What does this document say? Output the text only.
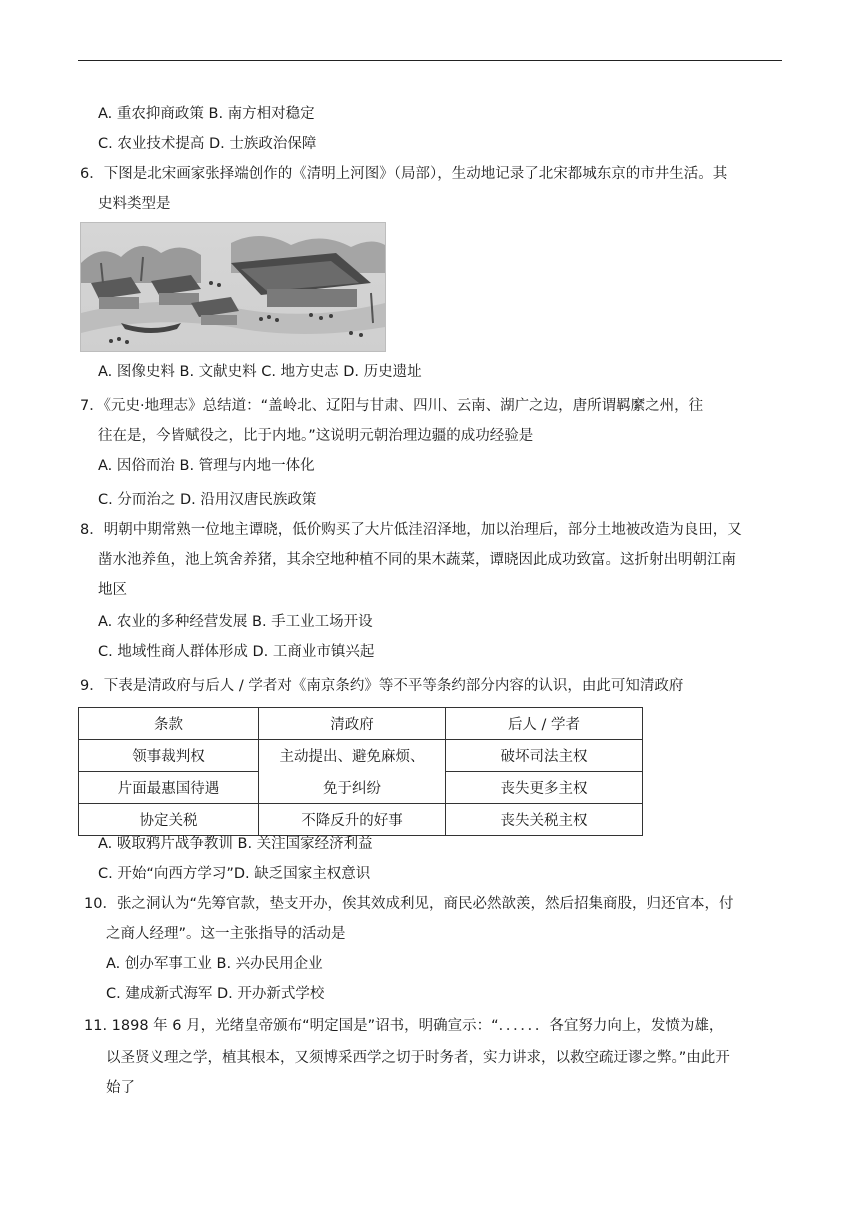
A. 重农抑商政策 B. 南方相对稳定
C. 农业技术提高 D. 士族政治保障
6．下图是北宋画家张择端创作的《清明上河图》（局部），生动地记录了北宋都城东京的市井生活。其
史料类型是
A. 图像史料 B. 文献史料 C. 地方史志 D. 历史遗址
7．《元史·地理志》总结道：“盖岭北、辽阳与甘肃、四川、云南、湖广之边，唐所谓羁縻之州，往
往在是，今皆赋役之，比于内地。”这说明元朝治理边疆的成功经验是
A. 因俗而治 B. 管理与内地一体化
C. 分而治之 D. 沿用汉唐民族政策
8．明朝中期常熟一位地主谭晓，低价购买了大片低洼沼泽地，加以治理后，部分土地被改造为良田，又
凿水池养鱼，池上筑舍养猪，其余空地种植不同的果木蔬菜，谭晓因此成功致富。这折射出明朝江南
地区
A. 农业的多种经营发展 B. 手工业工场开设
C. 地域性商人群体形成 D. 工商业市镇兴起
9．下表是清政府与后人 / 学者对《南京条约》等不平等条约部分内容的认识，由此可知清政府
条款	清政府	后人 / 学者
领事裁判权	主动提出、避免麻烦、	破坏司法主权
片面最惠国待遇	免于纠纷	丧失更多主权
协定关税	不降反升的好事	丧失关税主权
A. 吸取鸦片战争教训 B. 关注国家经济利益
C. 开始“向西方学习”D. 缺乏国家主权意识
10．张之洞认为“先筹官款，垫支开办，俟其效成利见，商民必然歆羡，然后招集商股，归还官本，付
之商人经理”。这一主张指导的活动是
A. 创办军事工业 B. 兴办民用企业
C. 建成新式海军 D. 开办新式学校
11. 1898 年 6 月，光绪皇帝颁布“明定国是”诏书，明确宣示：“．．．．．．各宜努力向上，发愤为雄，
以圣贤义理之学，植其根本，又须博采西学之切于时务者，实力讲求，以救空疏迂谬之弊。”由此开
始了
